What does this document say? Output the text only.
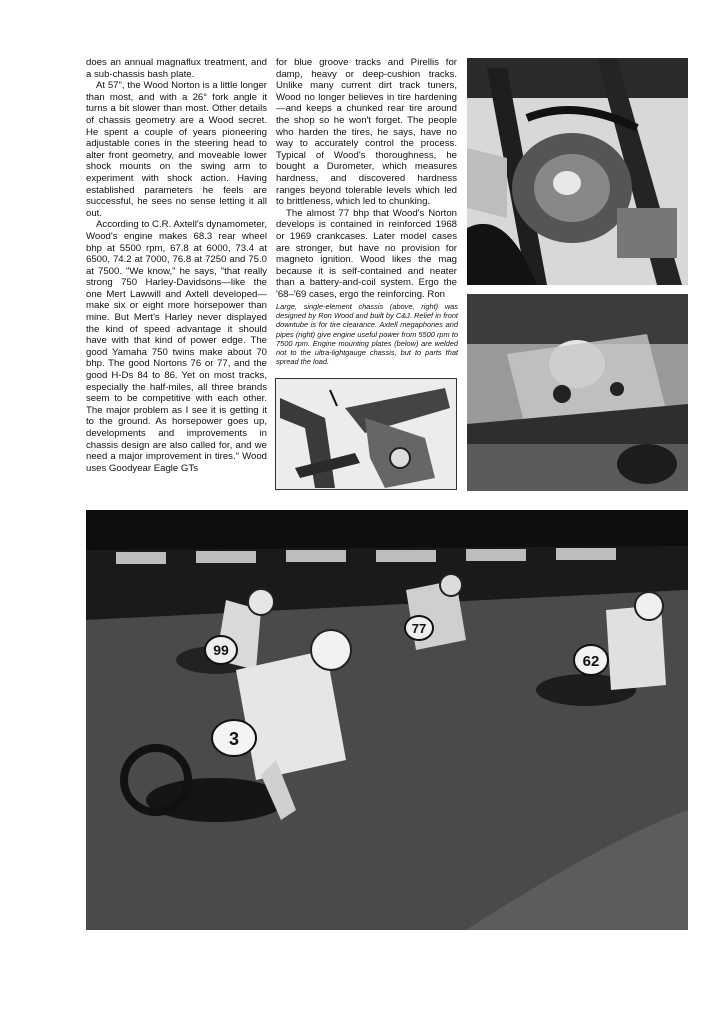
does an annual magnaflux treatment, and a sub-chassis bash plate.

At 57", the Wood Norton is a little longer than most, and with a 26° fork angle it turns a bit slower than most. Other details of chassis geometry are a Wood secret. He spent a couple of years pioneering adjustable cones in the steering head to alter front geometry, and moveable lower shock mounts on the swing arm to experiment with shock action. Having established parameters he feels are successful, he sees no sense letting it all out.

According to C.R. Axtell's dynamometer, Wood's engine makes 68.3 rear wheel bhp at 5500 rpm, 67.8 at 6000, 73.4 at 6500, 74.2 at 7000, 76.8 at 7250 and 75.0 at 7500. "We know," he says, "that really strong 750 Harley-Davidsons—like the one Mert Lawwill and Axtell developed—make six or eight more horsepower than mine. But Mert's Harley never displayed the kind of speed advantage it should have with that kind of power edge. The good Yamaha 750 twins make about 70 bhp. The good Nortons 76 or 77, and the good H-Ds 84 to 86. Yet on most tracks, especially the half-miles, all three brands seem to be competitive with each other. The major problem as I see it is getting it to the ground. As horsepower goes up, developments and improvements in chassis design are also called for, and we need a major improvement in tires." Wood uses Goodyear Eagle GTs

for blue groove tracks and Pirellis for damp, heavy or deep-cushion tracks. Unlike many current dirt track tuners, Wood no longer believes in tire hardening—and keeps a chunked rear tire around the shop so he won't forget. The people who harden the tires, he says, have no way to accurately control the process. Typical of Wood's thoroughness, he bought a Durometer, which measures hardness, and discovered hardness ranges beyond tolerable levels which led to brittleness, which led to chunking.

The almost 77 bhp that Wood's Norton develops is contained in reinforced 1968 or 1969 crankcases. Later model cases are stronger, but have no provision for magneto ignition. Wood likes the mag because it is self-contained and neater than a battery-and-coil system. Ergo the '68–'69 cases, ergo the reinforcing. Ron

Large, single-element chassis (above, right) was designed by Ron Wood and built by C&J. Relief in front downtube is for tire clearance. Axtell megaphones and pipes (right) give engine useful power from 5500 rpm to 7500 rpm. Engine mounting plates (below) are welded not to the ultra-lightgauge chassis, but to parts that spread the load.
99
77
62
3
